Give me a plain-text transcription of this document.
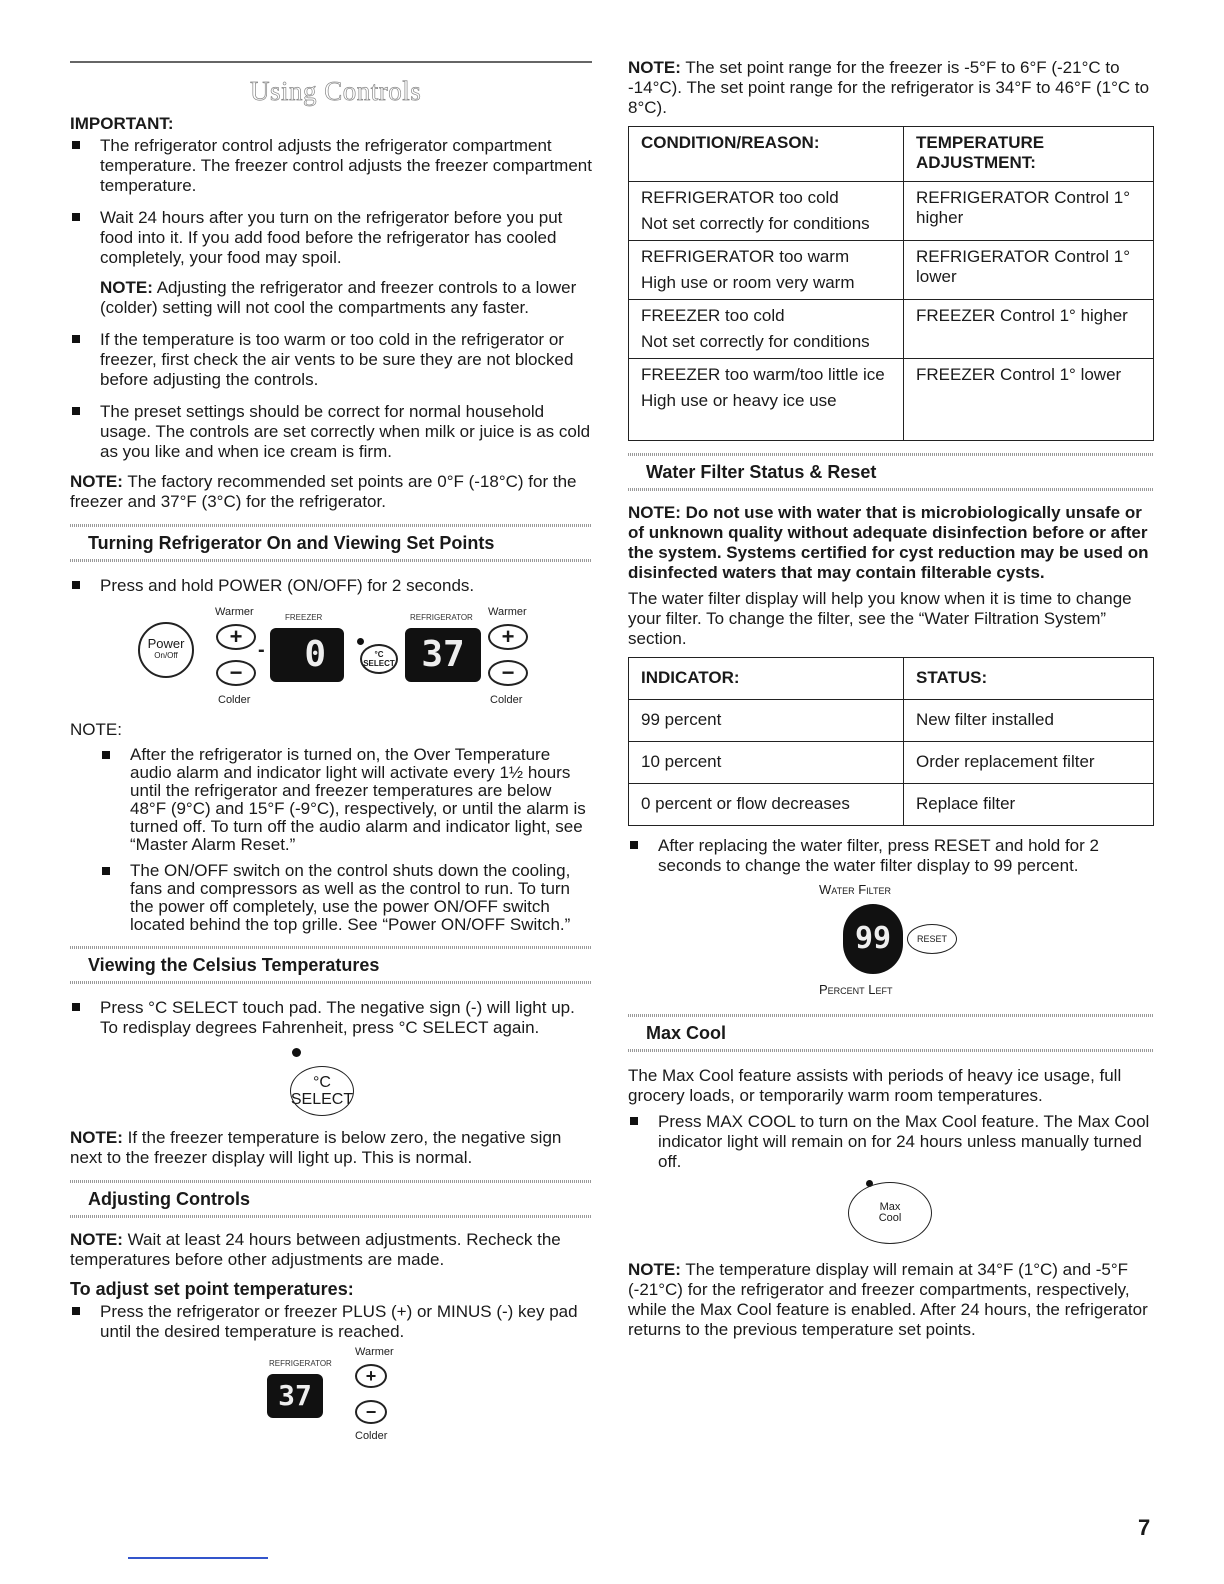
Using Controls
IMPORTANT:
The refrigerator control adjusts the refrigerator compartment temperature. The freezer control adjusts the freezer compartment temperature.
Wait 24 hours after you turn on the refrigerator before you put food into it. If you add food before the refrigerator has cooled completely, your food may spoil.
NOTE: Adjusting the refrigerator and freezer controls to a lower (colder) setting will not cool the compartments any faster.
If the temperature is too warm or too cold in the refrigerator or freezer, first check the air vents to be sure they are not blocked before adjusting the controls.
The preset settings should be correct for normal household usage. The controls are set correctly when milk or juice is as cold as you like and when ice cream is firm.
NOTE: The factory recommended set points are 0°F (-18°C) for the freezer and 37°F (3°C) for the refrigerator.
Turning Refrigerator On and Viewing Set Points
Press and hold POWER (ON/OFF) for 2 seconds.
Power
On/Off
Warmer
+
−
Colder
-
FREEZER
0	°C
SELECT
REFRIGERATOR
37
Warmer
+
−
Colder
NOTE:
After the refrigerator is turned on, the Over Temperature audio alarm and indicator light will activate every 1½ hours until the refrigerator and freezer temperatures are below 48°F (9°C) and 15°F (-9°C), respectively, or until the alarm is turned off. To turn off the audio alarm and indicator light, see “Master Alarm Reset.”
The ON/OFF switch on the control shuts down the cooling, fans and compressors as well as the control to run. To turn the power off completely, use the power ON/OFF switch located behind the top grille. See “Power ON/OFF Switch.”
Viewing the Celsius Temperatures
Press °C SELECT touch pad. The negative sign (-) will light up. To redisplay degrees Fahrenheit, press °C SELECT again.
°C
SELECT
NOTE: If the freezer temperature is below zero, the negative sign next to the freezer display will light up. This is normal.
Adjusting Controls
NOTE: Wait at least 24 hours between adjustments. Recheck the temperatures before other adjustments are made.
To adjust set point temperatures:
Press the refrigerator or freezer PLUS (+) or MINUS (-) key pad until the desired temperature is reached.
REFRIGERATOR
Warmer
37
+
−
Colder
NOTE: The set point range for the freezer is -5°F to 6°F (-21°C to -14°C). The set point range for the refrigerator is 34°F to 46°F (1°C to 8°C).
CONDITION/REASON:	TEMPERATURE ADJUSTMENT:

REFRIGERATOR too cold
Not set correctly for conditions	REFRIGERATOR Control 1° higher

REFRIGERATOR too warm
High use or room very warm	REFRIGERATOR Control 1° lower

FREEZER too cold
Not set correctly for conditions	FREEZER Control 1° higher

FREEZER too warm/too little ice
High use or heavy ice use	FREEZER Control 1° lower
Water Filter Status & Reset
NOTE: Do not use with water that is microbiologically unsafe or of unknown quality without adequate disinfection before or after the system. Systems certified for cyst reduction may be used on disinfected waters that may contain filterable cysts.
The water filter display will help you know when it is time to change your filter. To change the filter, see the “Water Filtration System” section.
INDICATOR:	STATUS:
99 percent	New filter installed
10 percent	Order replacement filter
0 percent or flow decreases	Replace filter
After replacing the water filter, press RESET and hold for 2 seconds to change the water filter display to 99 percent.
Water Filter
99	RESET
Percent Left
Max Cool
The Max Cool feature assists with periods of heavy ice usage, full grocery loads, or temporarily warm room temperatures.
Press MAX COOL to turn on the Max Cool feature. The Max Cool indicator light will remain on for 24 hours unless manually turned off.
Max
Cool
NOTE: The temperature display will remain at 34°F (1°C) and -5°F (-21°C) for the refrigerator and freezer compartments, respectively, while the Max Cool feature is enabled. After 24 hours, the refrigerator returns to the previous temperature set points.
7
